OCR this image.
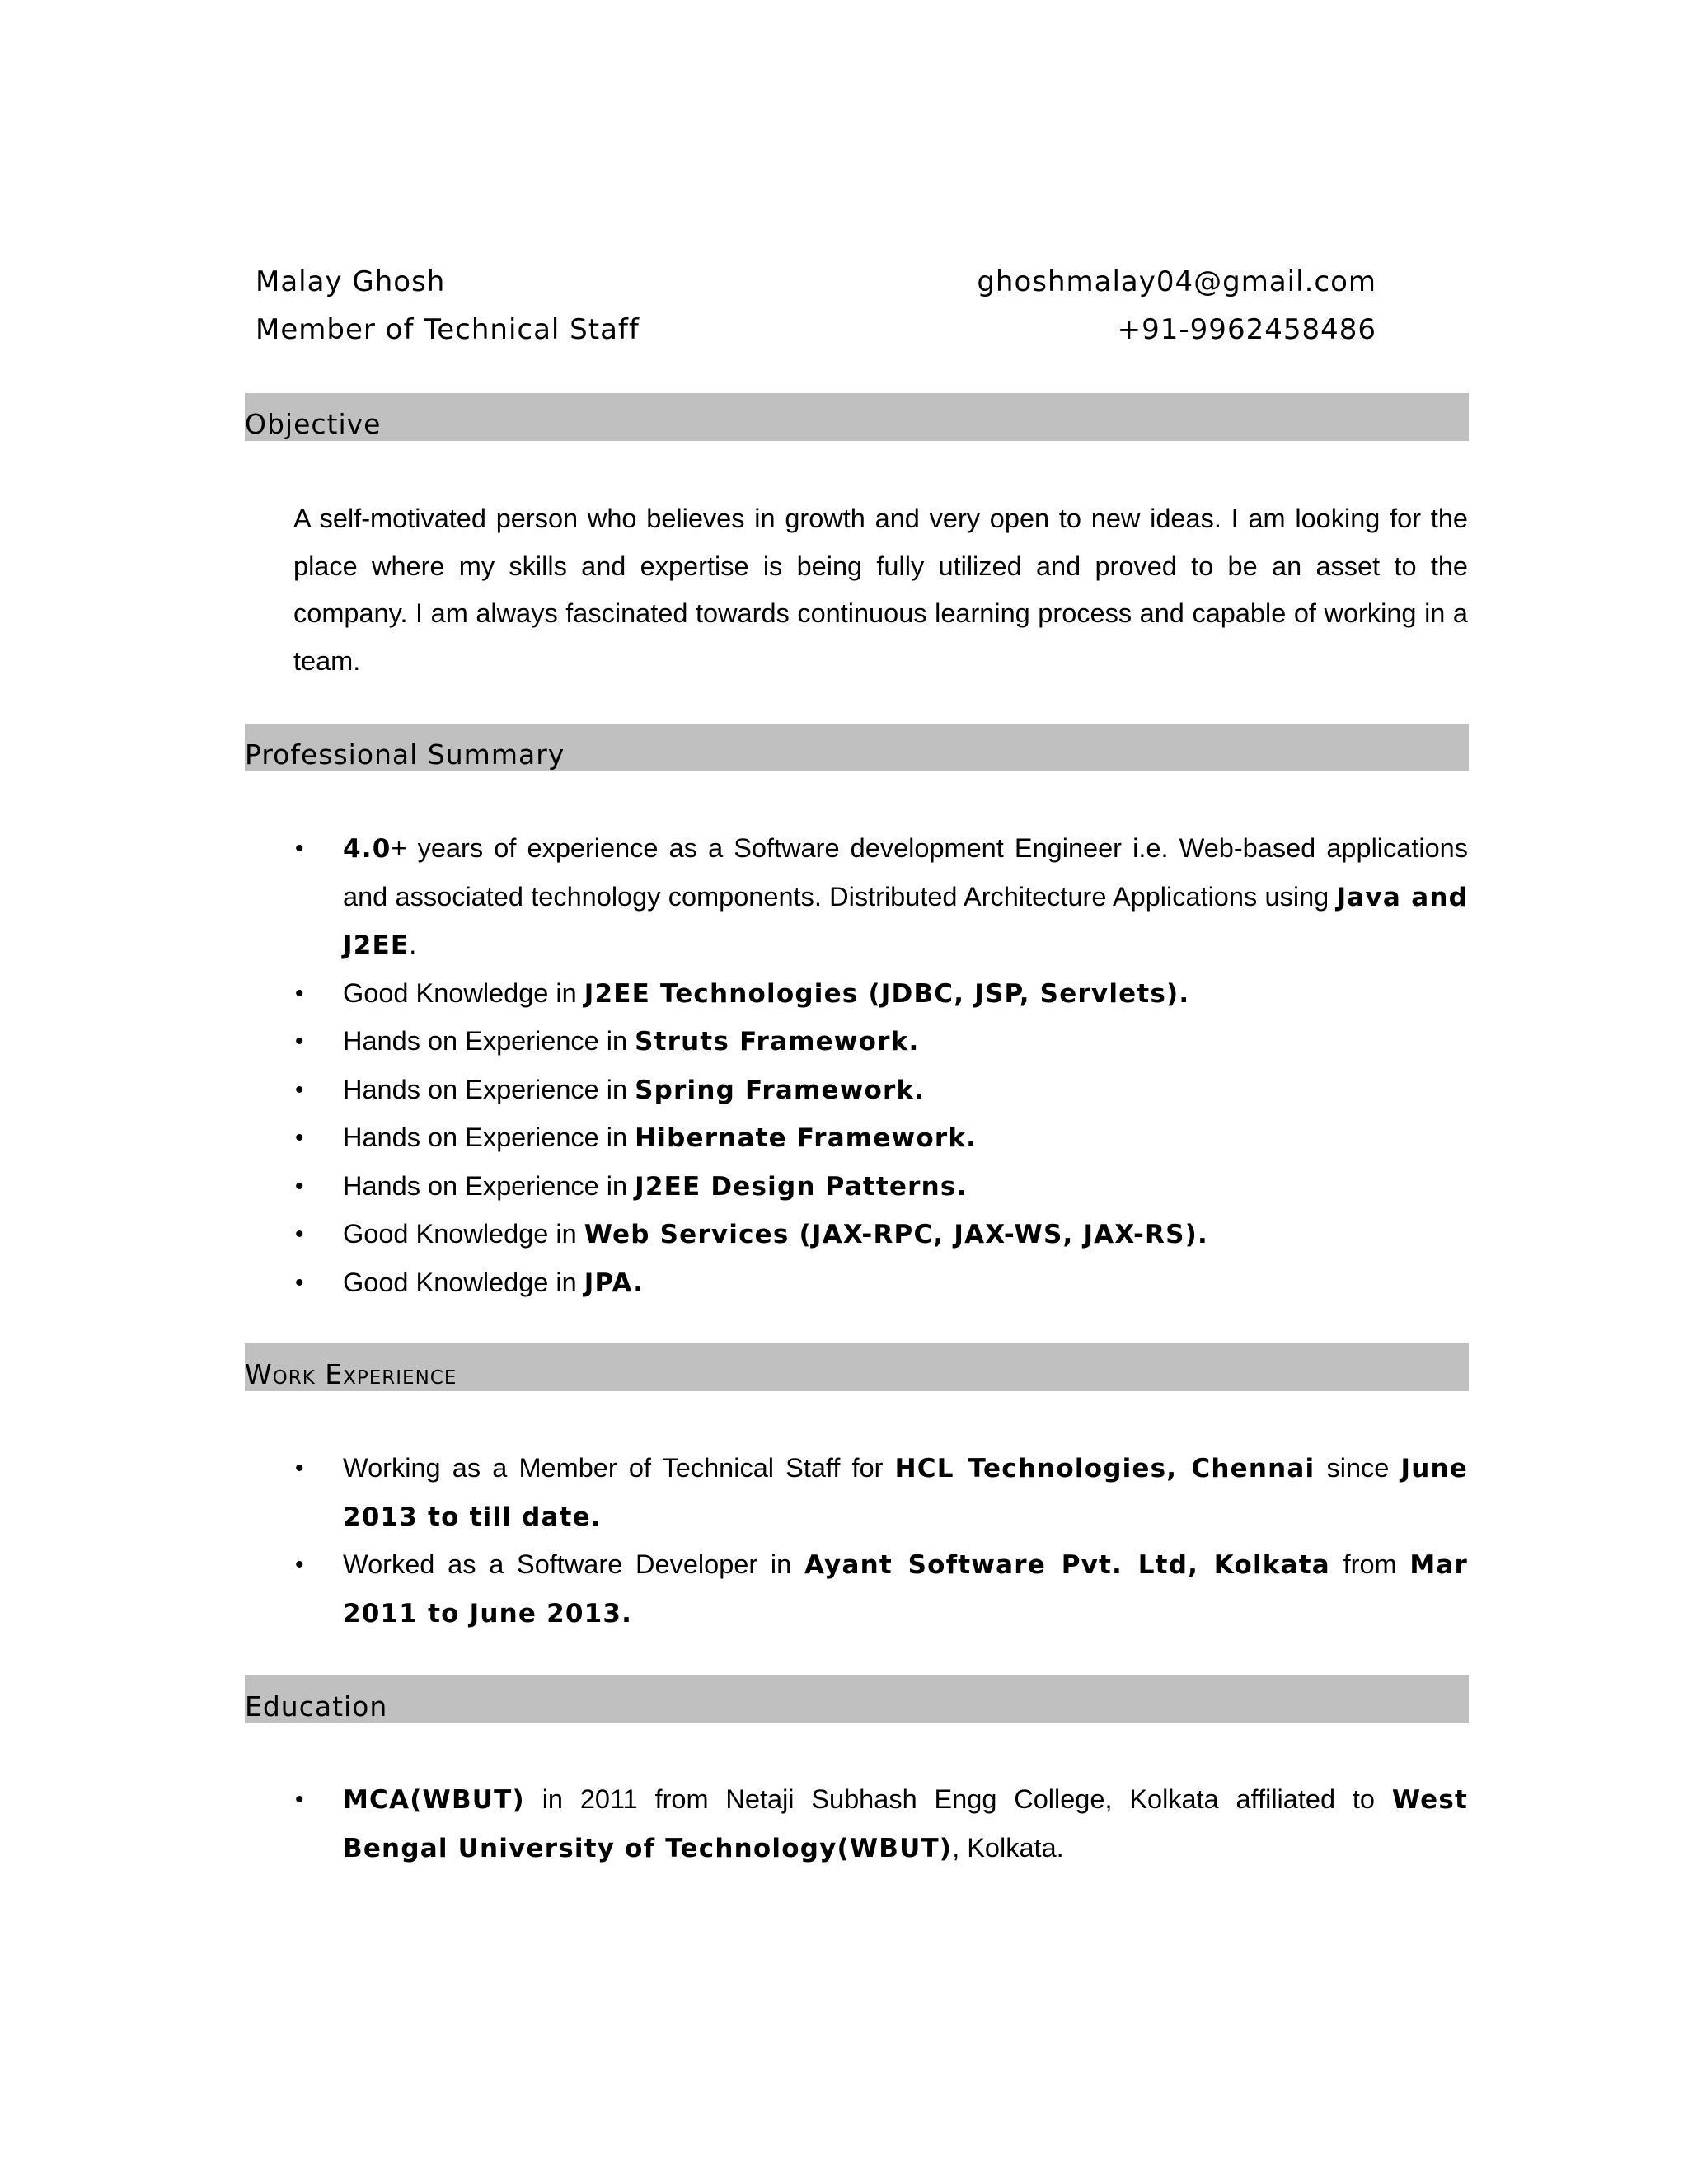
Malay Ghosh	ghoshmalay04@gmail.com
Member of Technical Staff	+91-9962458486
Objective
A self-motivated person who believes in growth and very open to new ideas. I am looking for the place where my skills and expertise is being fully utilized and proved to be an asset to the company. I am always fascinated towards continuous learning process and capable of working in a team.
Professional Summary
•	4.0+ years of experience as a Software development Engineer i.e. Web-based applications and associated technology components. Distributed Architecture Applications using Java and J2EE.
•	Good Knowledge in J2EE Technologies (JDBC, JSP, Servlets).
•	Hands on Experience in Struts Framework.
•	Hands on Experience in Spring Framework.
•	Hands on Experience in Hibernate Framework.
•	Hands on Experience in J2EE Design Patterns.
•	Good Knowledge in Web Services (JAX-RPC, JAX-WS, JAX-RS).
•	Good Knowledge in JPA.
Work Experience
•	Working as a Member of Technical Staff for HCL Technologies, Chennai since June 2013 to till date.
•	Worked as a Software Developer in Ayant Software Pvt. Ltd, Kolkata from Mar 2011 to June 2013.
Education
•	MCA(WBUT) in 2011 from Netaji Subhash Engg College, Kolkata affiliated to West Bengal University of Technology(WBUT), Kolkata.
